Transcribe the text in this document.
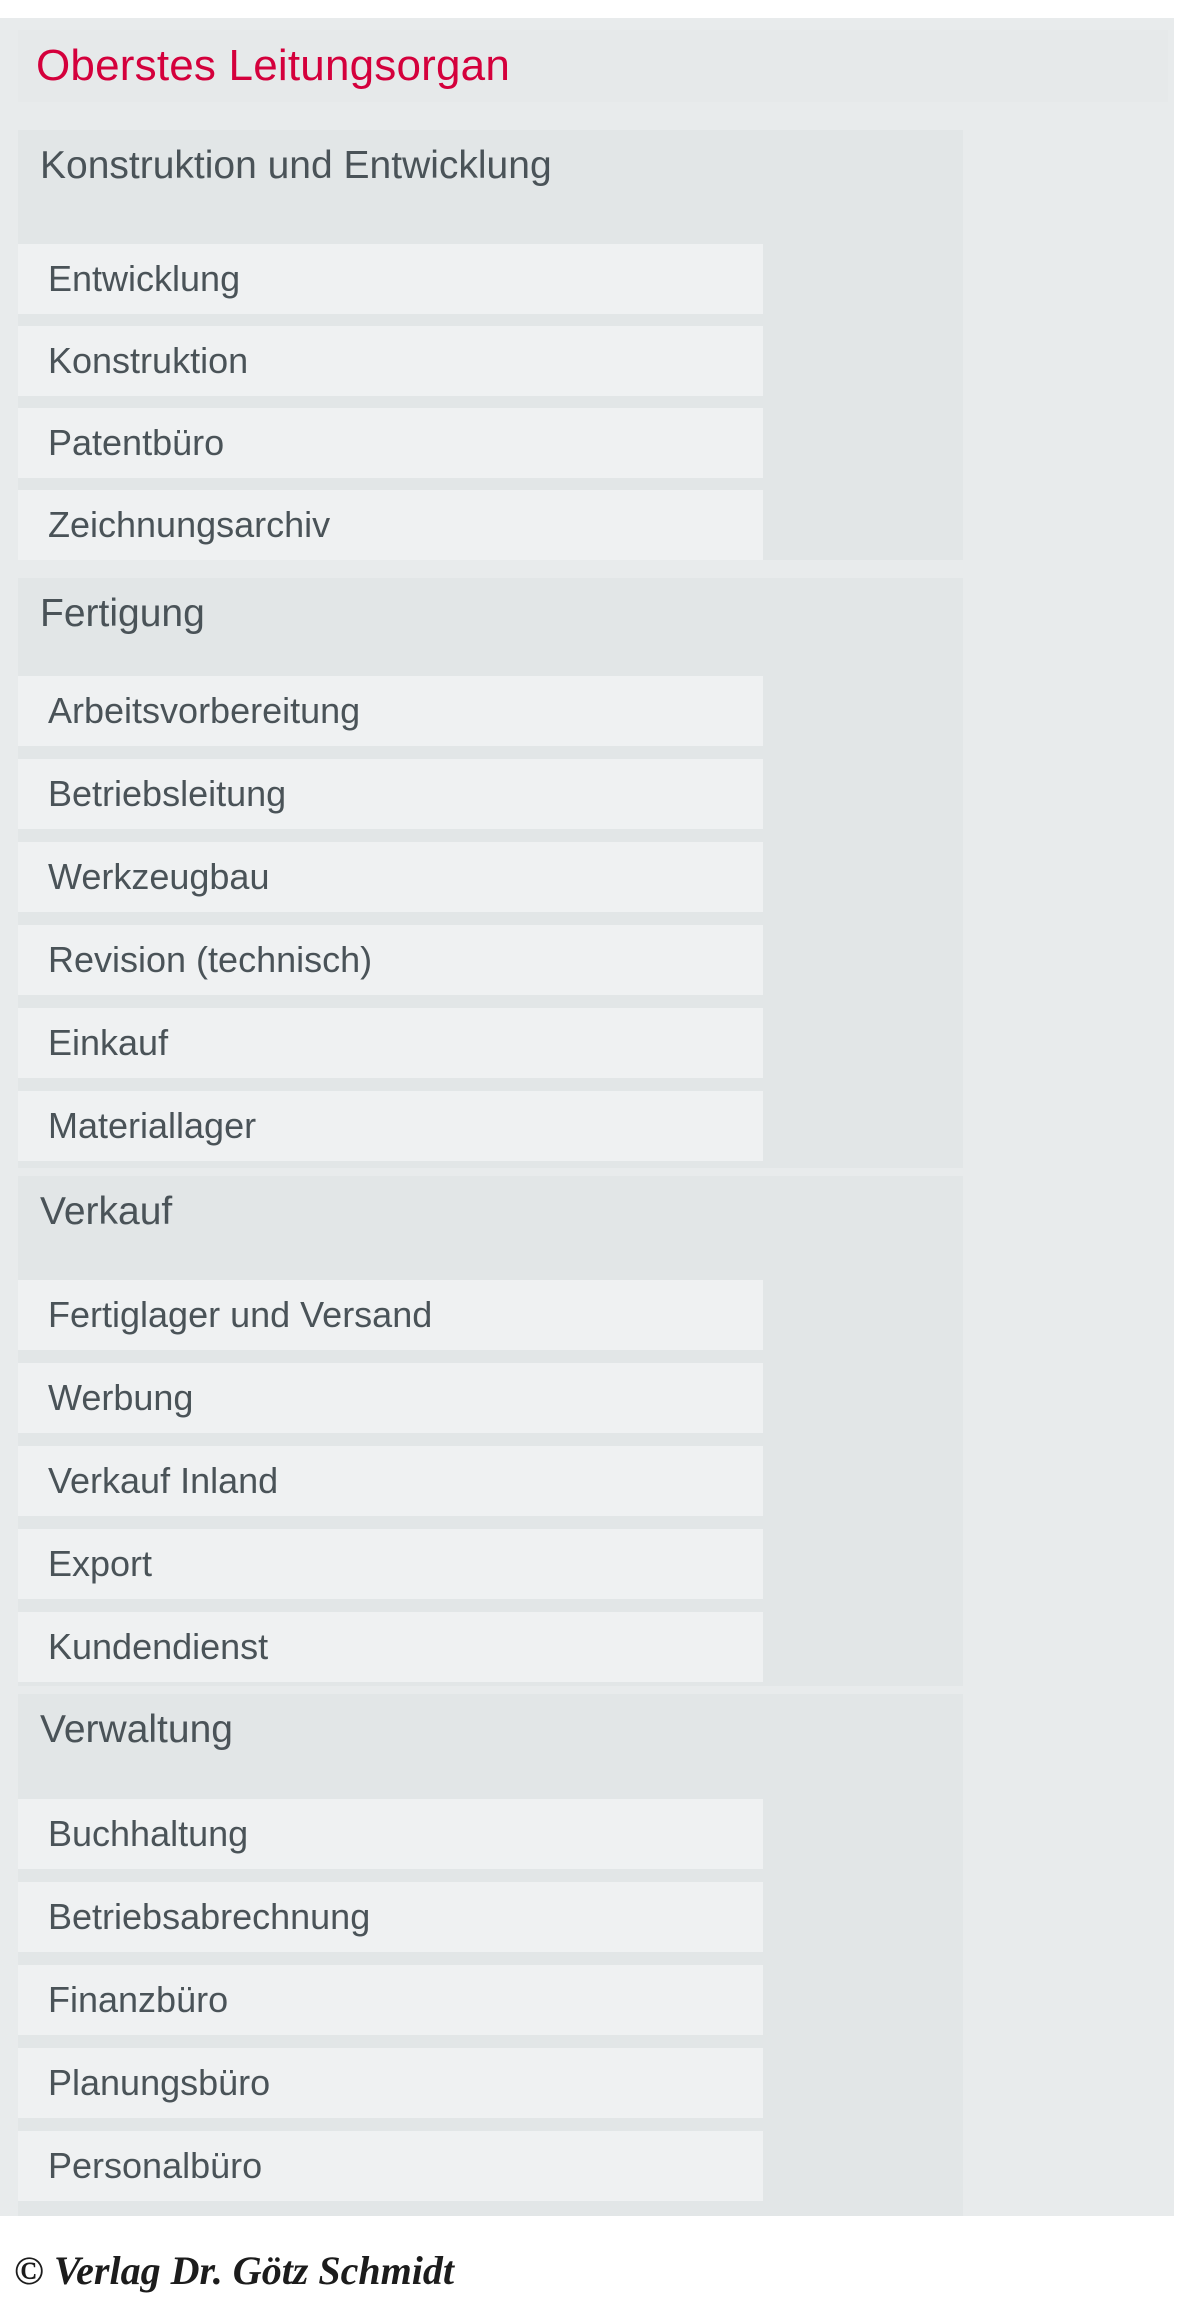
Oberstes Leitungsorgan
Konstruktion und Entwicklung
Entwicklung
Konstruktion
Patentbüro
Zeichnungsarchiv
Fertigung
Arbeitsvorbereitung
Betriebsleitung
Werkzeugbau
Revision (technisch)
Einkauf
Materiallager
Verkauf
Fertiglager und Versand
Werbung
Verkauf Inland
Export
Kundendienst
Verwaltung
Buchhaltung
Betriebsabrechnung
Finanzbüro
Planungsbüro
Personalbüro
© Verlag Dr. Götz Schmidt
